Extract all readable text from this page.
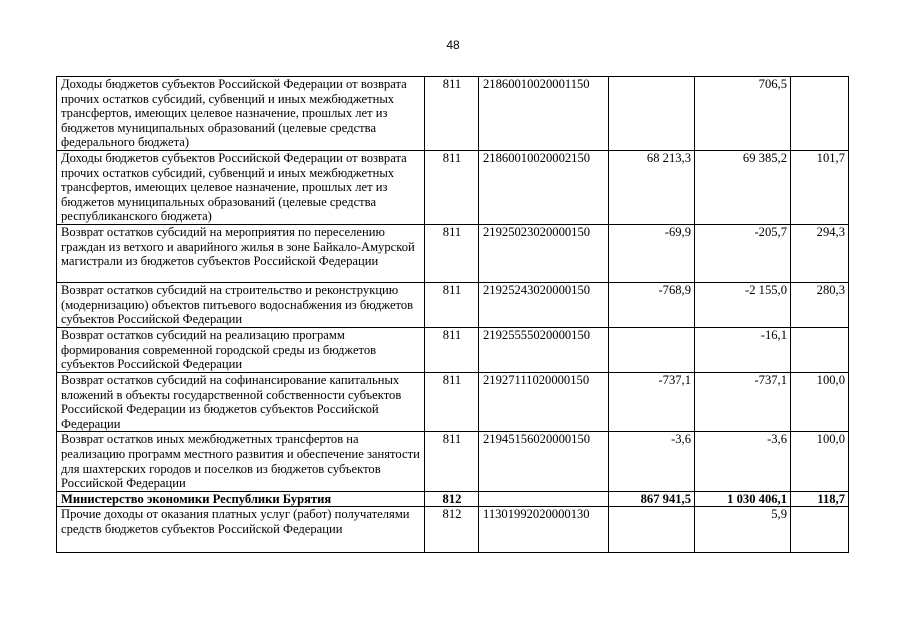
48
Доходы бюджетов субъектов Российской Федерации от возврата прочих остатков субсидий, субвенций и иных межбюджетных трансфертов, имеющих целевое назначение, прошлых лет из бюджетов муниципальных образований (целевые средства федерального бюджета)	811	21860010020001150		706,5	
Доходы бюджетов субъектов Российской Федерации от возврата прочих остатков субсидий, субвенций и иных межбюджетных трансфертов, имеющих целевое назначение, прошлых лет из бюджетов муниципальных образований (целевые средства республиканского бюджета)	811	21860010020002150	68 213,3	69 385,2	101,7
Возврат остатков субсидий на мероприятия по переселению граждан из ветхого и аварийного жилья в зоне Байкало-Амурской магистрали из бюджетов субъектов Российской Федерации	811	21925023020000150	-69,9	-205,7	294,3
Возврат остатков субсидий на строительство и реконструкцию (модернизацию) объектов питьевого водоснабжения из бюджетов субъектов Российской Федерации	811	21925243020000150	-768,9	-2 155,0	280,3
Возврат остатков субсидий на реализацию программ формирования современной городской среды из бюджетов субъектов Российской Федерации	811	21925555020000150		-16,1	
Возврат остатков субсидий на софинансирование капитальных вложений в объекты государственной собственности субъектов Российской Федерации из бюджетов субъектов Российской Федерации	811	21927111020000150	-737,1	-737,1	100,0
Возврат остатков иных межбюджетных трансфертов на реализацию программ местного развития и обеспечение занятости для шахтерских городов и поселков из бюджетов субъектов Российской Федерации	811	21945156020000150	-3,6	-3,6	100,0
Министерство экономики Республики Бурятия	812		867 941,5	1 030 406,1	118,7
Прочие доходы от оказания платных услуг (работ) получателями средств бюджетов субъектов Российской Федерации	812	11301992020000130		5,9	
